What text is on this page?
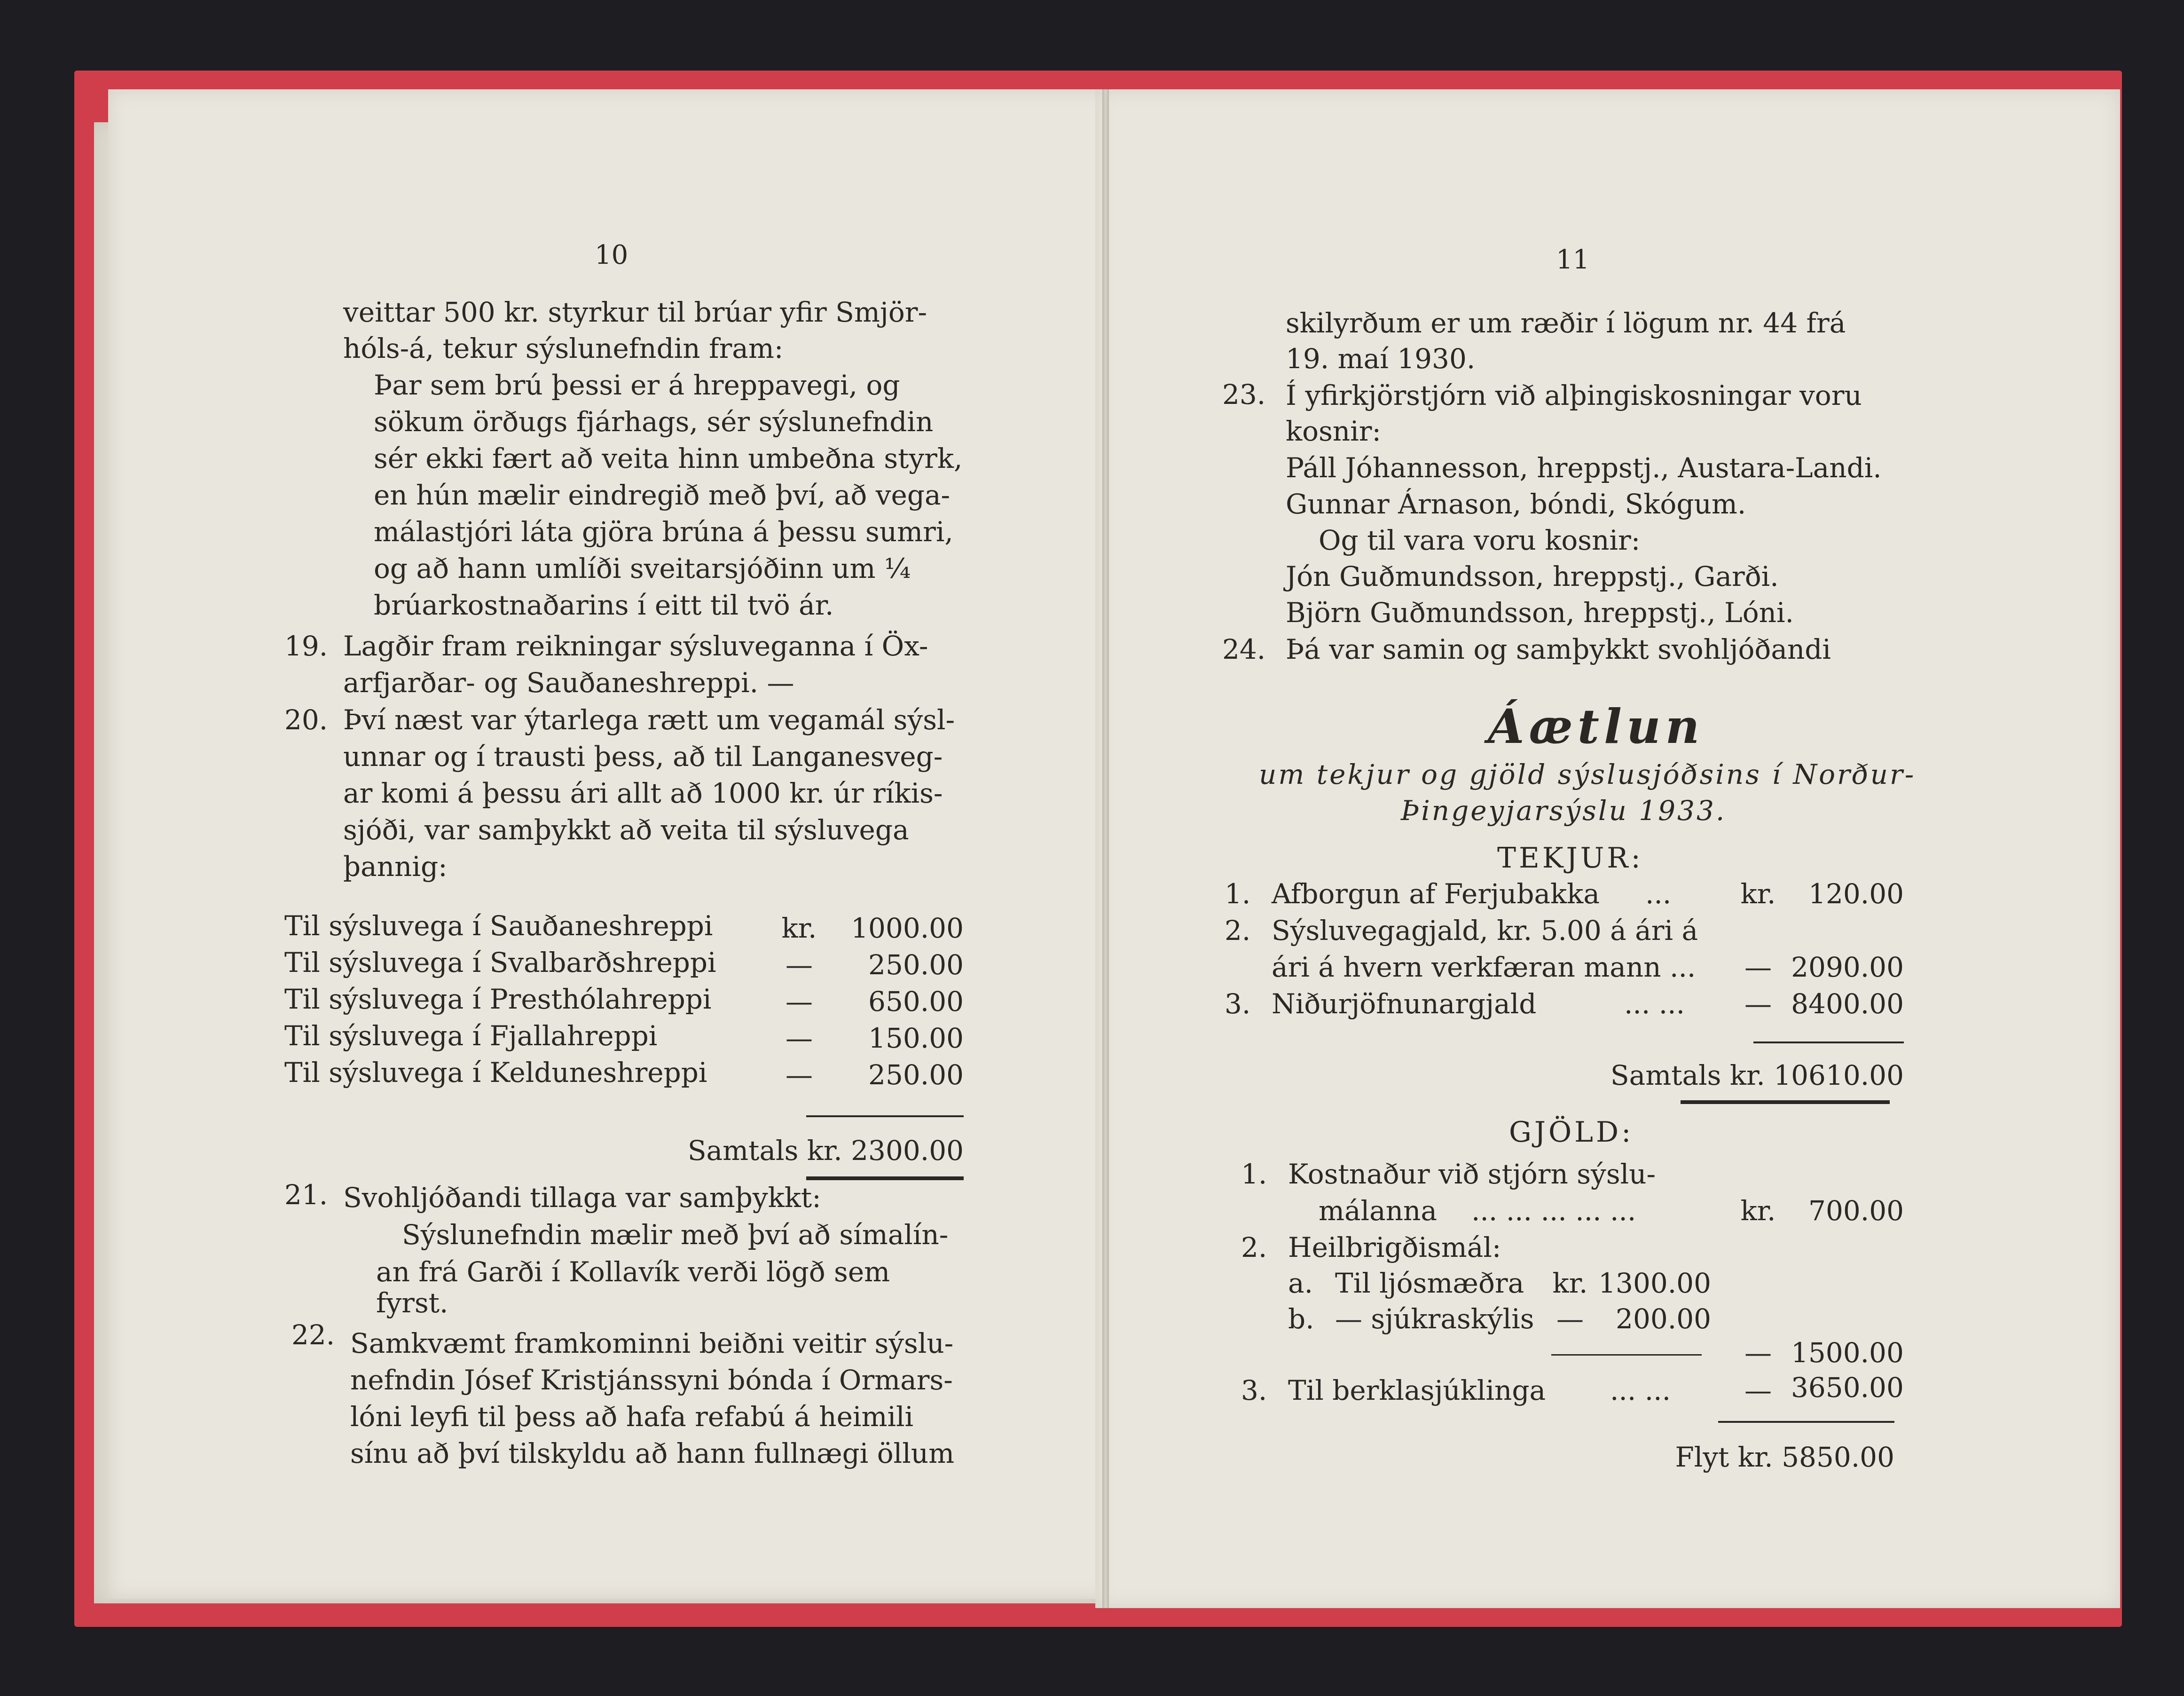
10
veittar 500 kr. styrkur til brúar yfir Smjör-
hóls-á, tekur sýslunefndin fram:
Þar sem brú þessi er á hreppavegi, og
sökum örðugs fjárhags, sér sýslunefndin
sér ekki fært að veita hinn umbeðna styrk,
en hún mælir eindregið með því, að vega-
málastjóri láta gjöra brúna á þessu sumri,
og að hann umlíði sveitarsjóðinn um ¼
brúarkostnaðarins í eitt til tvö ár.
19. Lagðir fram reikningar sýsluveganna í Öx-
arfjarðar- og Sauðaneshreppi. —
20. Því næst var ýtarlega rætt um vegamál sýsl-
unnar og í trausti þess, að til Langanesveg-
ar komi á þessu ári allt að 1000 kr. úr ríkis-
sjóði, var samþykkt að veita til sýsluvega
þannig:
Til sýsluvega í Sauðaneshreppi	kr.	1000.00
Til sýsluvega í Svalbarðshreppi	—	250.00
Til sýsluvega í Presthólahreppi	—	650.00
Til sýsluvega í Fjallahreppi	—	150.00
Til sýsluvega í Kelduneshreppi	—	250.00
Samtals kr. 2300.00
21. Svohljóðandi tillaga var samþykkt:
Sýslunefndin mælir með því að símalín-
an frá Garði í Kollavík verði lögð sem
fyrst.
22. Samkvæmt framkominni beiðni veitir sýslu-
nefndin Jósef Kristjánssyni bónda í Ormars-
lóni leyfi til þess að hafa refabú á heimili
sínu að því tilskyldu að hann fullnægi öllum
11
skilyrðum er um ræðir í lögum nr. 44 frá
19. maí 1930.
23. Í yfirkjörstjórn við alþingiskosningar voru
kosnir:
Páll Jóhannesson, hreppstj., Austara-Landi.
Gunnar Árnason, bóndi, Skógum.
Og til vara voru kosnir:
Jón Guðmundsson, hreppstj., Garði.
Björn Guðmundsson, hreppstj., Lóni.
24. Þá var samin og samþykkt svohljóðandi
Áætlun
um tekjur og gjöld sýslusjóðsins í Norður-
Þingeyjarsýslu 1933.
TEKJUR:
1. Afborgun af Ferjubakka ...	kr.	120.00
2. Sýsluvegagjald, kr. 5.00 á ári á
ári á hvern verkfæran mann ...	— 2090.00
3. Niðurjöfnunargjald	... ...	— 8400.00
Samtals kr. 10610.00
GJÖLD:
1. Kostnaður við stjórn sýslu-
málanna ... ... ... ... ...	kr.	700.00
2. Heilbrigðismál:
a. Til ljósmæðra kr. 1300.00
b. — sjúkraskýlis —	200.00
— 1500.00
3. Til berklasjúklinga ... ...	— 3650.00
Flyt kr. 5850.00
